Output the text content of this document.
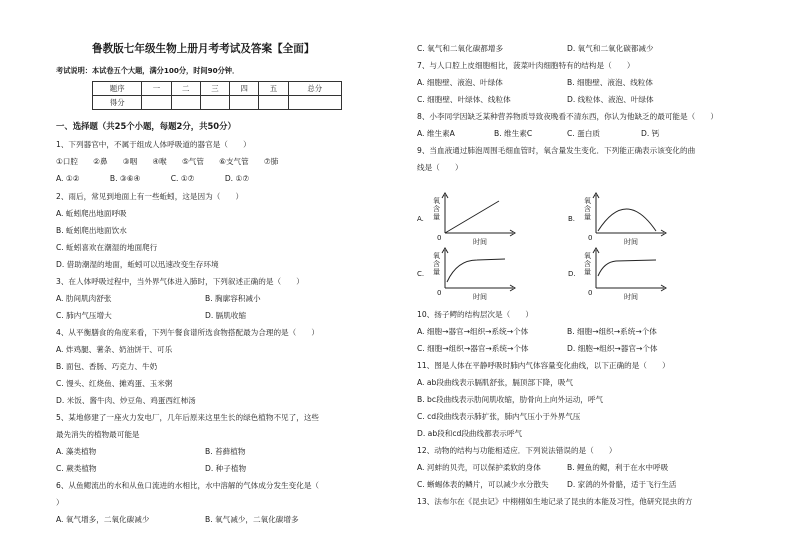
鲁教版七年级生物上册月考考试及答案【全面】
考试说明：本试卷五个大题，满分100分，时间90分钟．
题序	一	二	三	四	五	总分
得分						
一、选择题（共25个小题，每题2分，共50分）
1、下列器官中，不属于组成人体呼吸道的器官是（　　）
①口腔　　②鼻　　③咽　　④喉　　⑤气管　　⑥支气管　　⑦肺
A. ①②　　　　B. ③⑥④　　　　C. ①⑦　　　　D. ①⑦
2、雨后，常见到地面上有一些蚯蚓，这是因为（　　）
A. 蚯蚓爬出地面呼吸
B. 蚯蚓爬出地面饮水
C. 蚯蚓喜欢在潮湿的地面爬行
D. 借助潮湿的地面，蚯蚓可以迅速改变生存环境
3、在人体呼吸过程中，当外界气体进入肺时，下列叙述正确的是（　　）
A. 肋间肌肉舒张	B. 胸廓容积减小
C. 肺内气压增大	D. 膈肌收缩
4、从平衡膳食的角度来看，下列午餐食谱所选食物搭配最为合理的是（　　）
A. 炸鸡腿、薯条、奶油饼干、可乐
B. 面包、香肠、巧克力、牛奶
C. 馒头、红烧鱼、摊鸡蛋、玉米粥
D. 米饭、酱牛肉、炒豆角、鸡蛋西红柿汤
5、某地修建了一座火力发电厂，几年后原来这里生长的绿色植物不见了，这些
最先消失的植物最可能是
A. 藻类植物	B. 苔藓植物
C. 蕨类植物	D. 种子植物
6、从鱼鳃流出的水和从鱼口流进的水相比，水中溶解的气体成分发生变化是（
）
A. 氧气增多，二氧化碳减少	B. 氧气减少，二氧化碳增多
C. 氧气和二氧化碳都增多	D. 氧气和二氧化碳都减少
7、与人口腔上皮细胞相比，菠菜叶肉细胞特有的结构是（　　）
A. 细胞壁、液泡、叶绿体	B. 细胞壁、液泡、线粒体
C. 细胞壁、叶绿体、线粒体	D. 线粒体、液泡、叶绿体
8、小李同学因缺乏某种营养物质导致夜晚看不清东西，你认为他缺乏的最可能是（　　）
A. 维生素A	B. 维生素C	C. 蛋白质	D. 钙
9、当血液通过肺泡周围毛细血管时，氧含量发生变化．下列能正确表示该变化的曲
线是（　　）
A.
氧含量
0	时间
B.
氧含量
0	时间
C.
氧含量
0	时间
D.
氧含量
0	时间
10、扬子鳄的结构层次是（　　）
A. 细胞→器官→组织→系统→个体	B. 细胞→组织→系统→个体
C. 细胞→组织→器官→系统→个体	D. 细胞→组织→器官→个体
11、图是人体在平静呼吸时肺内气体容量变化曲线，以下正确的是（　　）
A. ab段曲线表示膈肌舒张，膈顶部下降，吸气
B. bc段曲线表示肋间肌收缩，肋骨向上向外运动，呼气
C. cd段曲线表示肺扩张，肺内气压小于外界气压
D. ab段和cd段曲线都表示呼气
12、动物的结构与功能相适应．下列说法错误的是（　　）
A. 河蚌的贝壳，可以保护柔软的身体	B. 鲤鱼的鳃，利于在水中呼吸
C. 蜥蜴体表的鳞片，可以减少水分散失 D. 家鸽的外骨骼，适于飞行生活
13、法布尔在《昆虫记》中栩栩如生地记录了昆虫的本能及习性，他研究昆虫的方
